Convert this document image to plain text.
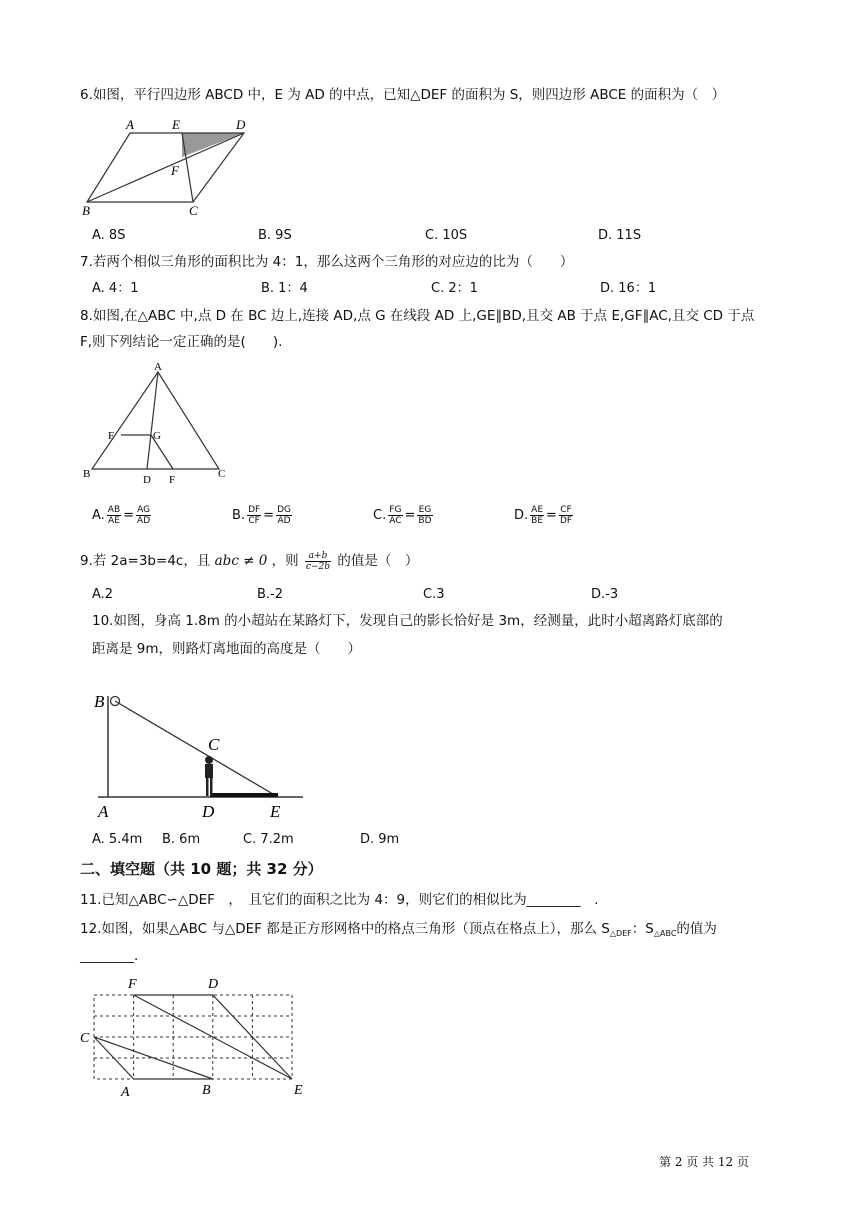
6.如图，平行四边形 ABCD 中，E 为 AD 的中点，已知△DEF 的面积为 S，则四边形 ABCE 的面积为（　）
A	E	D
F
B	C
A. 8S	B. 9S	C. 10S	D. 11S
7.若两个相似三角形的面积比为 4：1，那么这两个三角形的对应边的比为（　　）
A. 4：1	B. 1：4	C. 2：1	D. 16：1
8.如图,在△ABC 中,点 D 在 BC 边上,连接 AD,点 G 在线段 AD 上,GE∥BD,且交 AB 于点 E,GF∥AC,且交 CD 于点
F,则下列结论一定正确的是(　　).
A
F	G
B	D F	C
A. $\frac{AB}{AE} = \frac{AG}{AD}$	B. $\frac{DF}{CF} = \frac{DG}{AD}$	C. $\frac{FG}{AC} = \frac{EG}{BD}$	D. $\frac{AE}{BE} = \frac{CF}{DF}$
9.若 2a=3b=4c，且 abc ≠ 0 ，则 $\frac{a+b}{c-2b}$ 的值是（　）
A.2	B.-2	C.3	D.-3
10.如图，身高 1.8m 的小超站在某路灯下，发现自己的影长恰好是 3m，经测量，此时小超离路灯底部的
距离是 9m，则路灯离地面的高度是（　　）
B
C
A	D	E
A. 5.4m B. 6m	C. 7.2m	D. 9m
二、填空题（共 10 题；共 32 分）
11.已知△ABC∽△DEF　，　且它们的面积之比为 4：9，则它们的相似比为________　.
12.如图，如果△ABC 与△DEF 都是正方形网格中的格点三角形（顶点在格点上），那么 $S_{\triangle DEF}$：$S_{\triangle ABC}$的值为
________.
F	D
C
A	B	E
第 2 页 共 12 页
